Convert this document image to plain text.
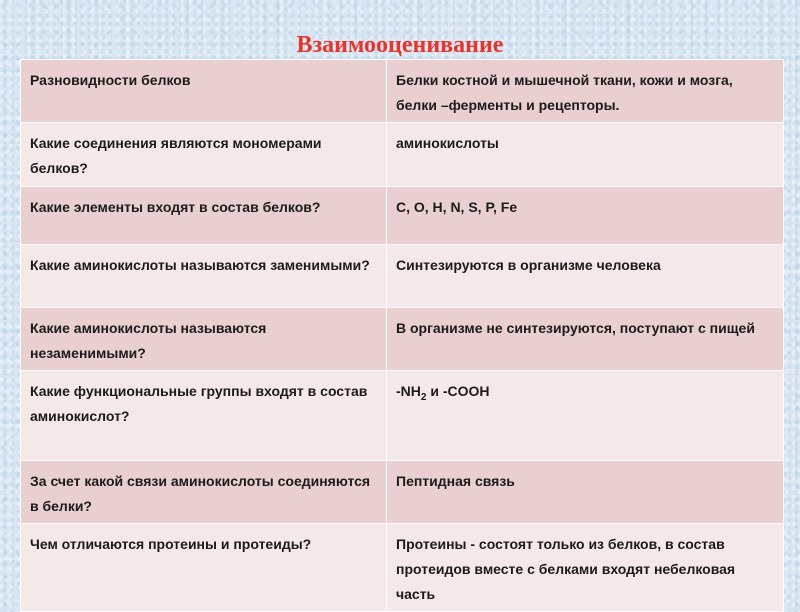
Взаимооценивание
Разновидности белков	Белки костной и мышечной ткани, кожи и мозга, белки –ферменты и рецепторы.
Какие соединения являются мономерами белков?	аминокислоты
Какие элементы входят в состав белков?	C, O, H, N, S, P, Fe
Какие аминокислоты называются заменимыми?	Синтезируются в организме человека
Какие аминокислоты называются незаменимыми?	В организме не синтезируются, поступают с пищей
Какие функциональные группы входят в состав аминокислот?	$-NH_2$ и -COOH
За счет какой связи аминокислоты соединяются в белки?	Пептидная связь
Чем отличаются протеины и протеиды?	Протеины - состоят только из белков, в состав протеидов вместе с белками входят небелковая часть
